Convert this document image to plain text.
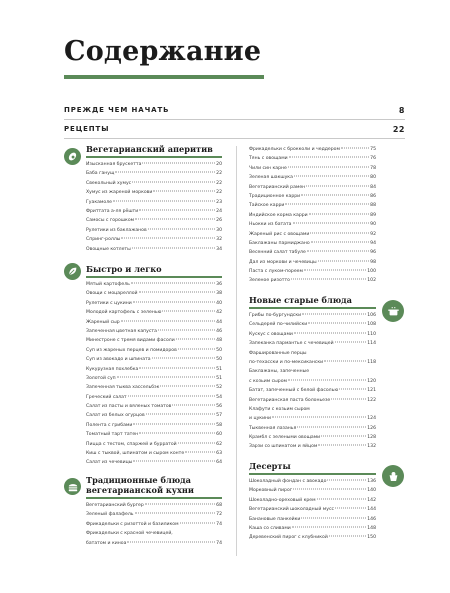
Содержание
ПРЕЖДЕ ЧЕМ НАЧАТЬ	8
РЕЦЕПТЫ	22
Вегетарианский аперитив
Изысканная брускетта	20
Баба ганущ	22
Свекольный хумус	22
Хумус из жареной моркови	22
Гуакамоле	23
Фриттата а-ля рёшти	24
Самосы с горошком	26
Рулетики из баклажанов	30
Спринг-роллы	32
Овощные котлеты	34
Быстро и легко
Мятый картофель	36
Овощи с моцареллой	38
Рулетики с цукини	40
Молодой картофель с зеленью	42
Жареный сыр	44
Запеченная цветная капуста	46
Минестроне с тремя видами фасоли	48
Суп из жареных перцев и помидоров	50
Суп из авокадо и шпината	50
Кукурузная похлебка	51
Золотой суп	51
Запеченная тыква хассельбэк	52
Греческий салат	54
Салат из пасты и вяленых томатов	56
Салат из белых огурцов	57
Полента с грибами	58
Томатный тарт татен	60
Пицца с тестом, спаржей и бурратой	62
Киш с тыквой, шпинатом и сыром конте	63
Салат из чечевицы	64
Традиционные блюда вегетарианской кухни
Вегетарианский бургер	68
Зеленый фалафель	72
Фрикадельки с ризоттой и базиликом	74
Фрикадельки с красной чечевицей,
бататом и киноа	74
Фрикадельки с брокколи и чеддером	75
Тянь с овощами	76
Чили син карне	78
Зеленая шакшука	80
Вегетарианский рамен	84
Традиционное карри	86
Тайское карри	88
Индийское корма карри	89
Ньокки из батата	90
Жареный рис с овощами	92
Баклажаны пармиджано	94
Весенний салат табуле	96
Дал из моркови и чечевицы	98
Паста с луком-пореем	100
Зеленое ризотто	102
Новые старые блюда
Грибы по-бургундски	106
Сельдерей по-чилийски	108
Кускус с овощами	110
Запеканка пармантье с чечевицей	114
Фаршированные перцы
по-техасски и по-мексикански	118
Баклажаны, запеченные
с козьим сыром	120
Батат, запеченный с белой фасолью	121
Вегетарианская паста болоньезе	122
Клафути с козьим сыром
и цукини	124
Тыквенная лазанья	126
Крамбл с зелеными овощами	128
Зарзи со шпинатом и яйцом	132
Десерты
Шоколадный фондан с авокадо	136
Морковный пирог	140
Шоколадно-ореховый крем	142
Вегетарианский шоколадный мусс	144
Банановые панкейки	146
Каша со сливами	148
Деревенский пирог с клубникой	150
